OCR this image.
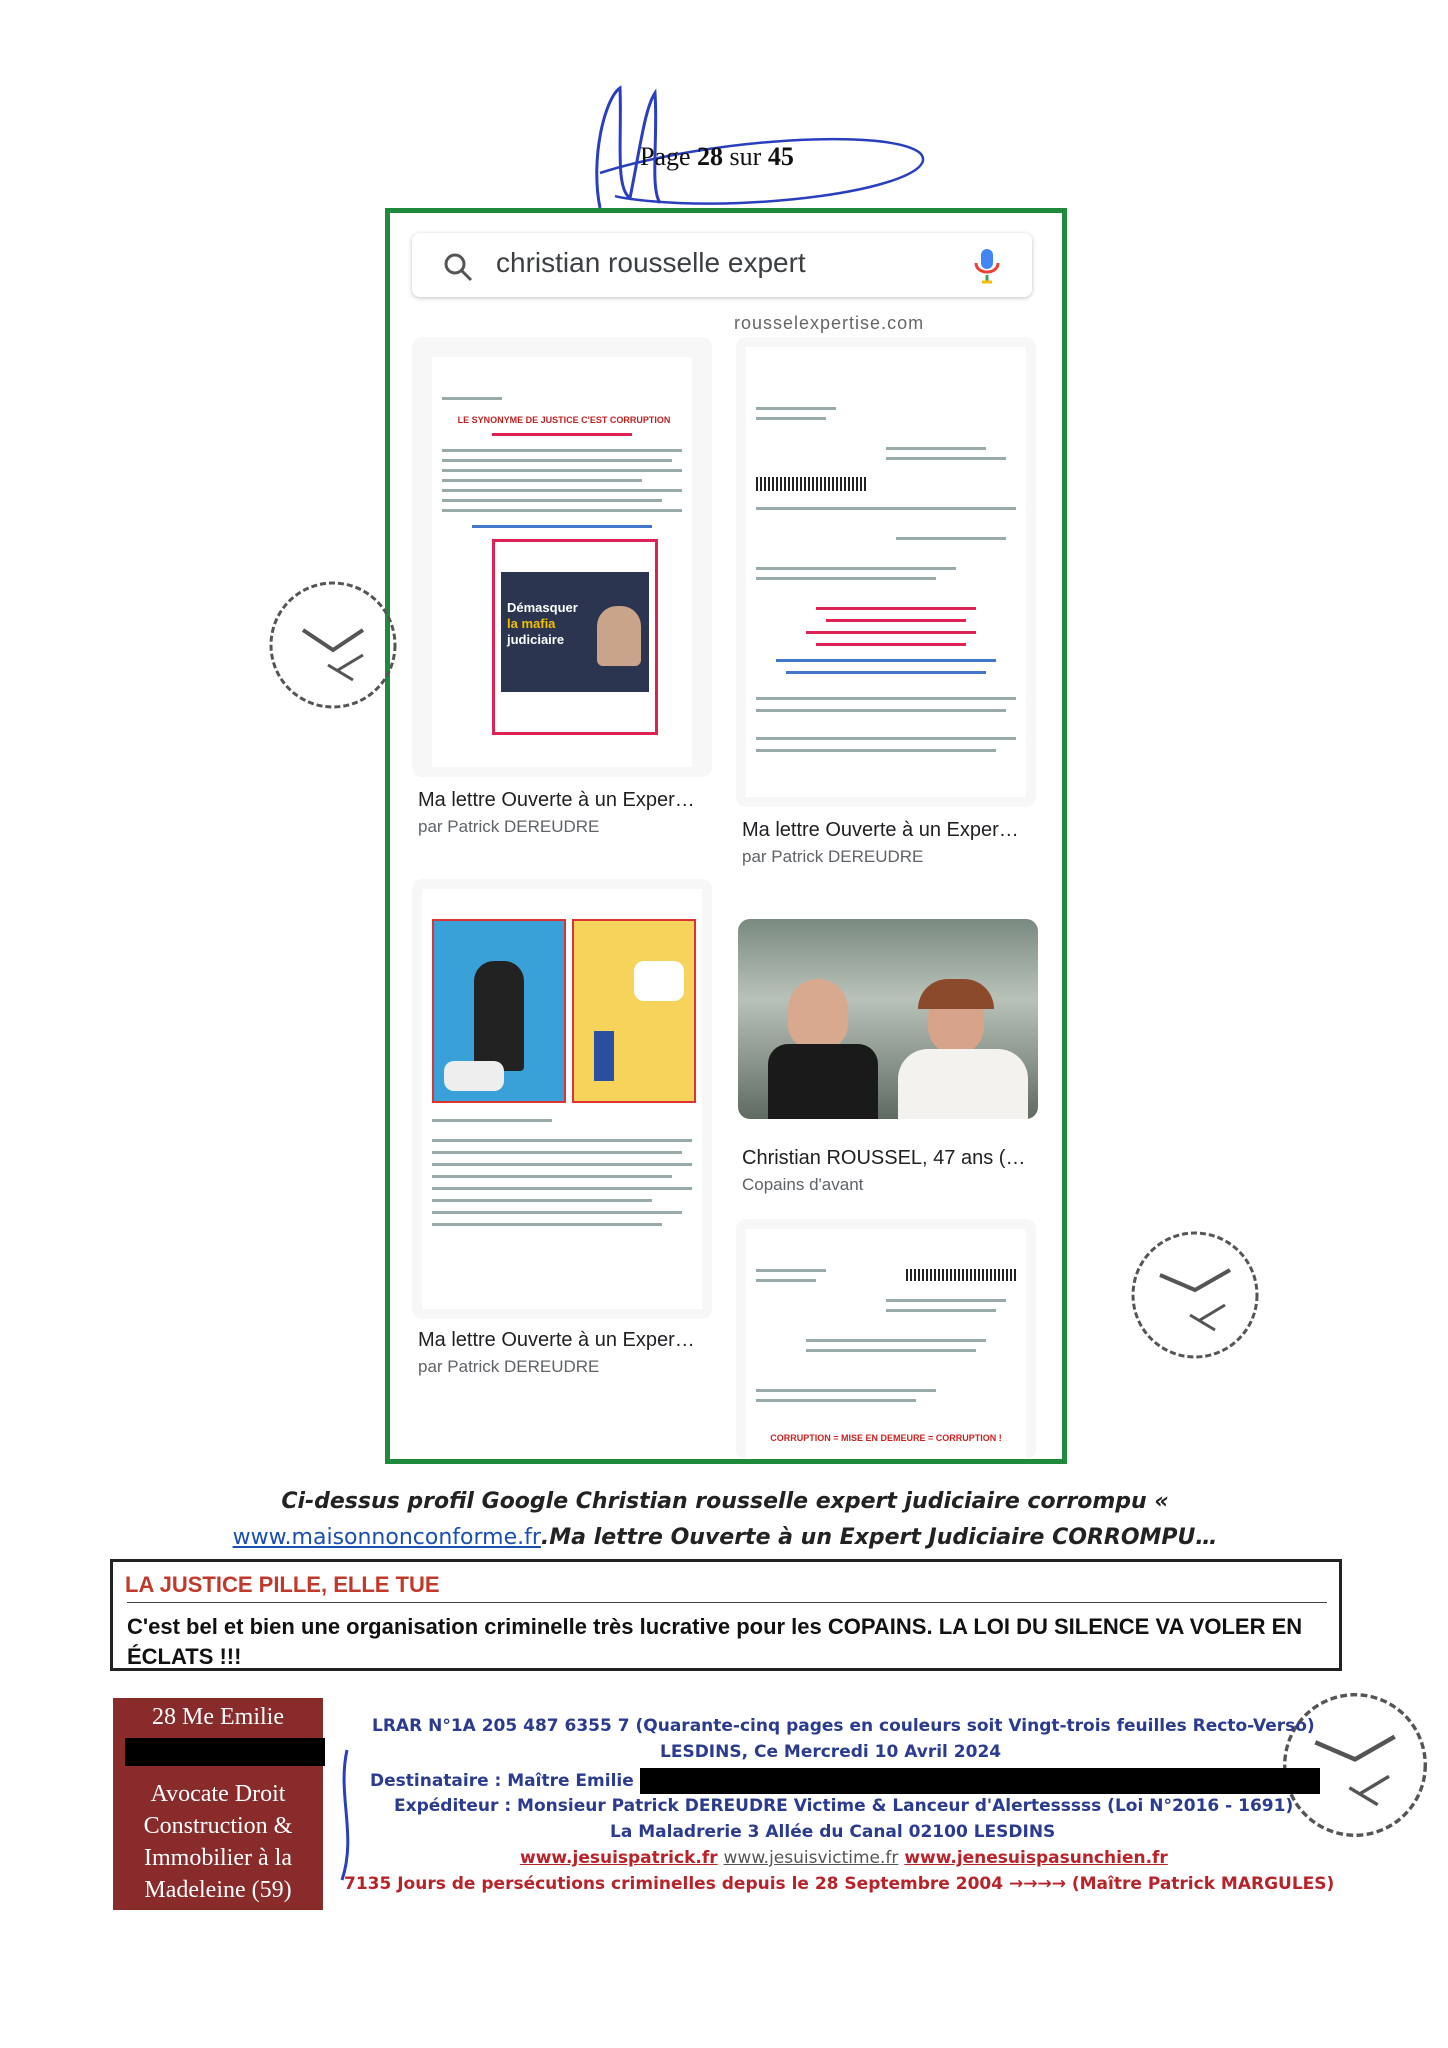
Page 28 sur 45
christian rousselle expert
rousselexpertise.com
LE SYNONYME DE JUSTICE C'EST CORRUPTION
Démasquer
la mafia
judiciaire
Ma lettre Ouverte à un Exper…
par Patrick DEREUDRE	Ma lettre Ouverte à un Exper…
par Patrick DEREUDRE
Ma lettre Ouverte à un Exper…
par Patrick DEREUDRE
Christian ROUSSEL, 47 ans (…
Copains d'avant
CORRUPTION = MISE EN DEMEURE = CORRUPTION !
Ci-dessus profil Google Christian rousselle expert judiciaire corrompu « www.maisonnonconforme.fr.Ma lettre Ouverte à un Expert Judiciaire CORROMPU…
LA JUSTICE PILLE, ELLE TUE
C'est bel et bien une organisation criminelle très lucrative pour les COPAINS. LA LOI DU SILENCE VA VOLER EN ÉCLATS !!!
28 Me Emilie
Avocate Droit
Construction &
Immobilier à la
Madeleine (59)
LRAR N°1A 205 487 6355 7 (Quarante-cinq pages en couleurs soit Vingt-trois feuilles Recto-Verso)
LESDINS, Ce Mercredi 10 Avril 2024
Destinataire : Maître Emilie
Expéditeur : Monsieur Patrick DEREUDRE Victime & Lanceur d'Alertesssss (Loi N°2016 - 1691)
La Maladrerie 3 Allée du Canal 02100 LESDINS
www.jesuispatrick.fr www.jesuisvictime.fr www.jenesuispasunchien.fr
7135 Jours de persécutions criminelles depuis le 28 Septembre 2004 →→→→ (Maître Patrick MARGULES)
